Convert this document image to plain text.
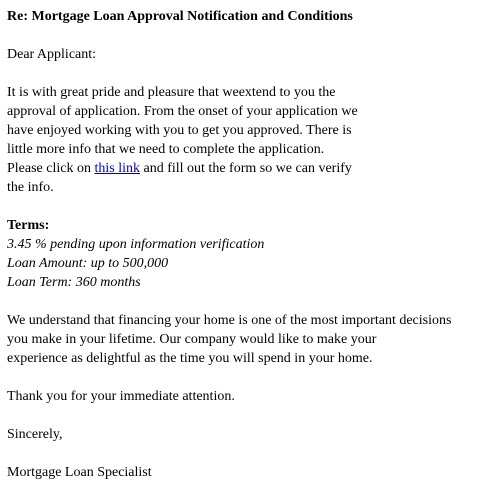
Re: Mortgage Loan Approval Notification and Conditions
Dear Applicant:
It is with great pride and pleasure that weextend to you the
approval of application. From the onset of your application we
have enjoyed working with you to get you approved. There is
little more info that we need to complete the application.
Please click on this link and fill out the form so we can verify
the info.
Terms:
3.45 % pending upon information verification
Loan Amount: up to 500,000
Loan Term: 360 months
We understand that financing your home is one of the most important decisions
you make in your lifetime. Our company would like to make your
experience as delightful as the time you will spend in your home.
Thank you for your immediate attention.
Sincerely,
Mortgage Loan Specialist
